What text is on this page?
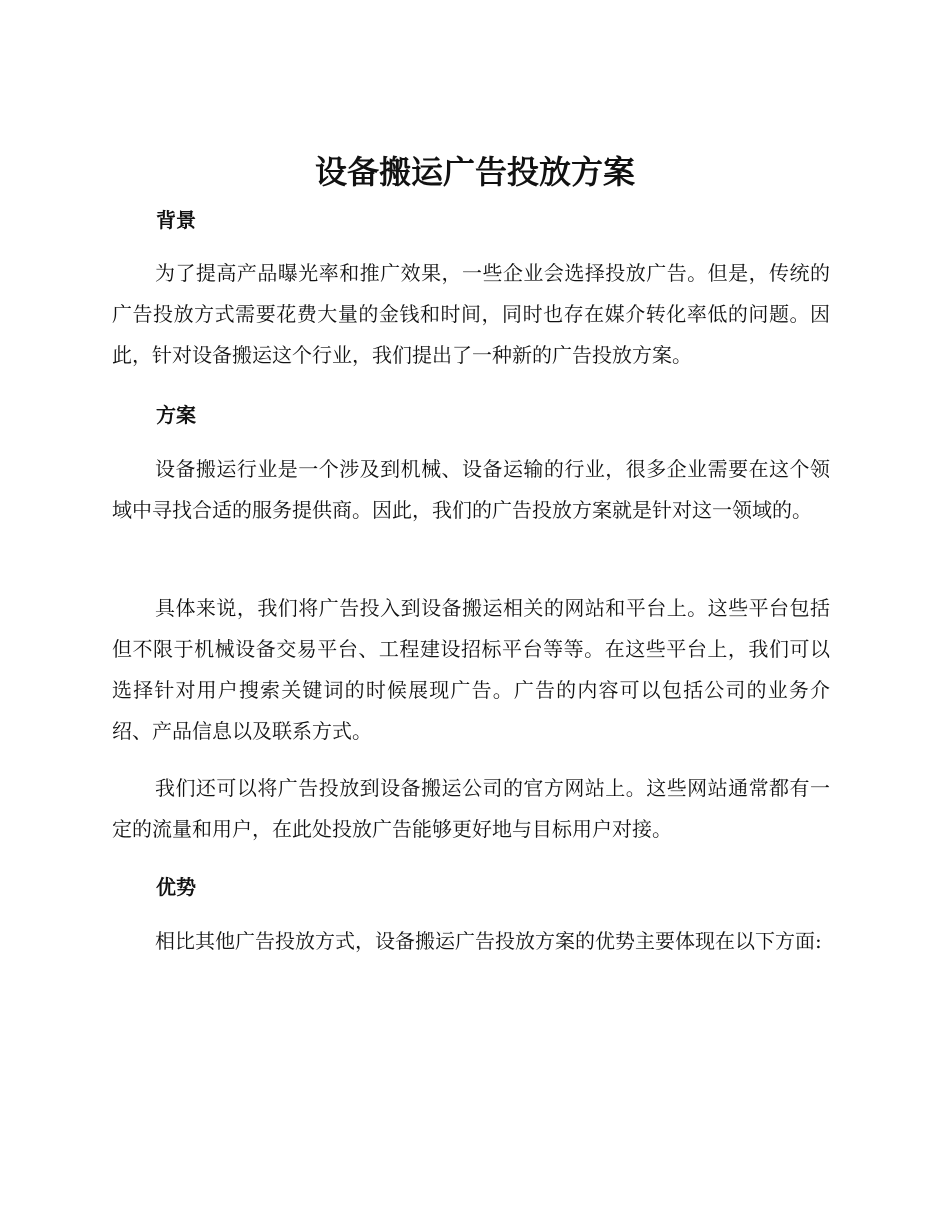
设备搬运广告投放方案
背景

为了提高产品曝光率和推广效果，一些企业会选择投放广告。但是，传统的广告投放方式需要花费大量的金钱和时间，同时也存在媒介转化率低的问题。因此，针对设备搬运这个行业，我们提出了一种新的广告投放方案。

方案

设备搬运行业是一个涉及到机械、设备运输的行业，很多企业需要在这个领域中寻找合适的服务提供商。因此，我们的广告投放方案就是针对这一领域的。

具体来说，我们将广告投入到设备搬运相关的网站和平台上。这些平台包括但不限于机械设备交易平台、工程建设招标平台等等。在这些平台上，我们可以选择针对用户搜索关键词的时候展现广告。广告的内容可以包括公司的业务介绍、产品信息以及联系方式。

我们还可以将广告投放到设备搬运公司的官方网站上。这些网站通常都有一定的流量和用户，在此处投放广告能够更好地与目标用户对接。

优势

相比其他广告投放方式，设备搬运广告投放方案的优势主要体现在以下方面:
